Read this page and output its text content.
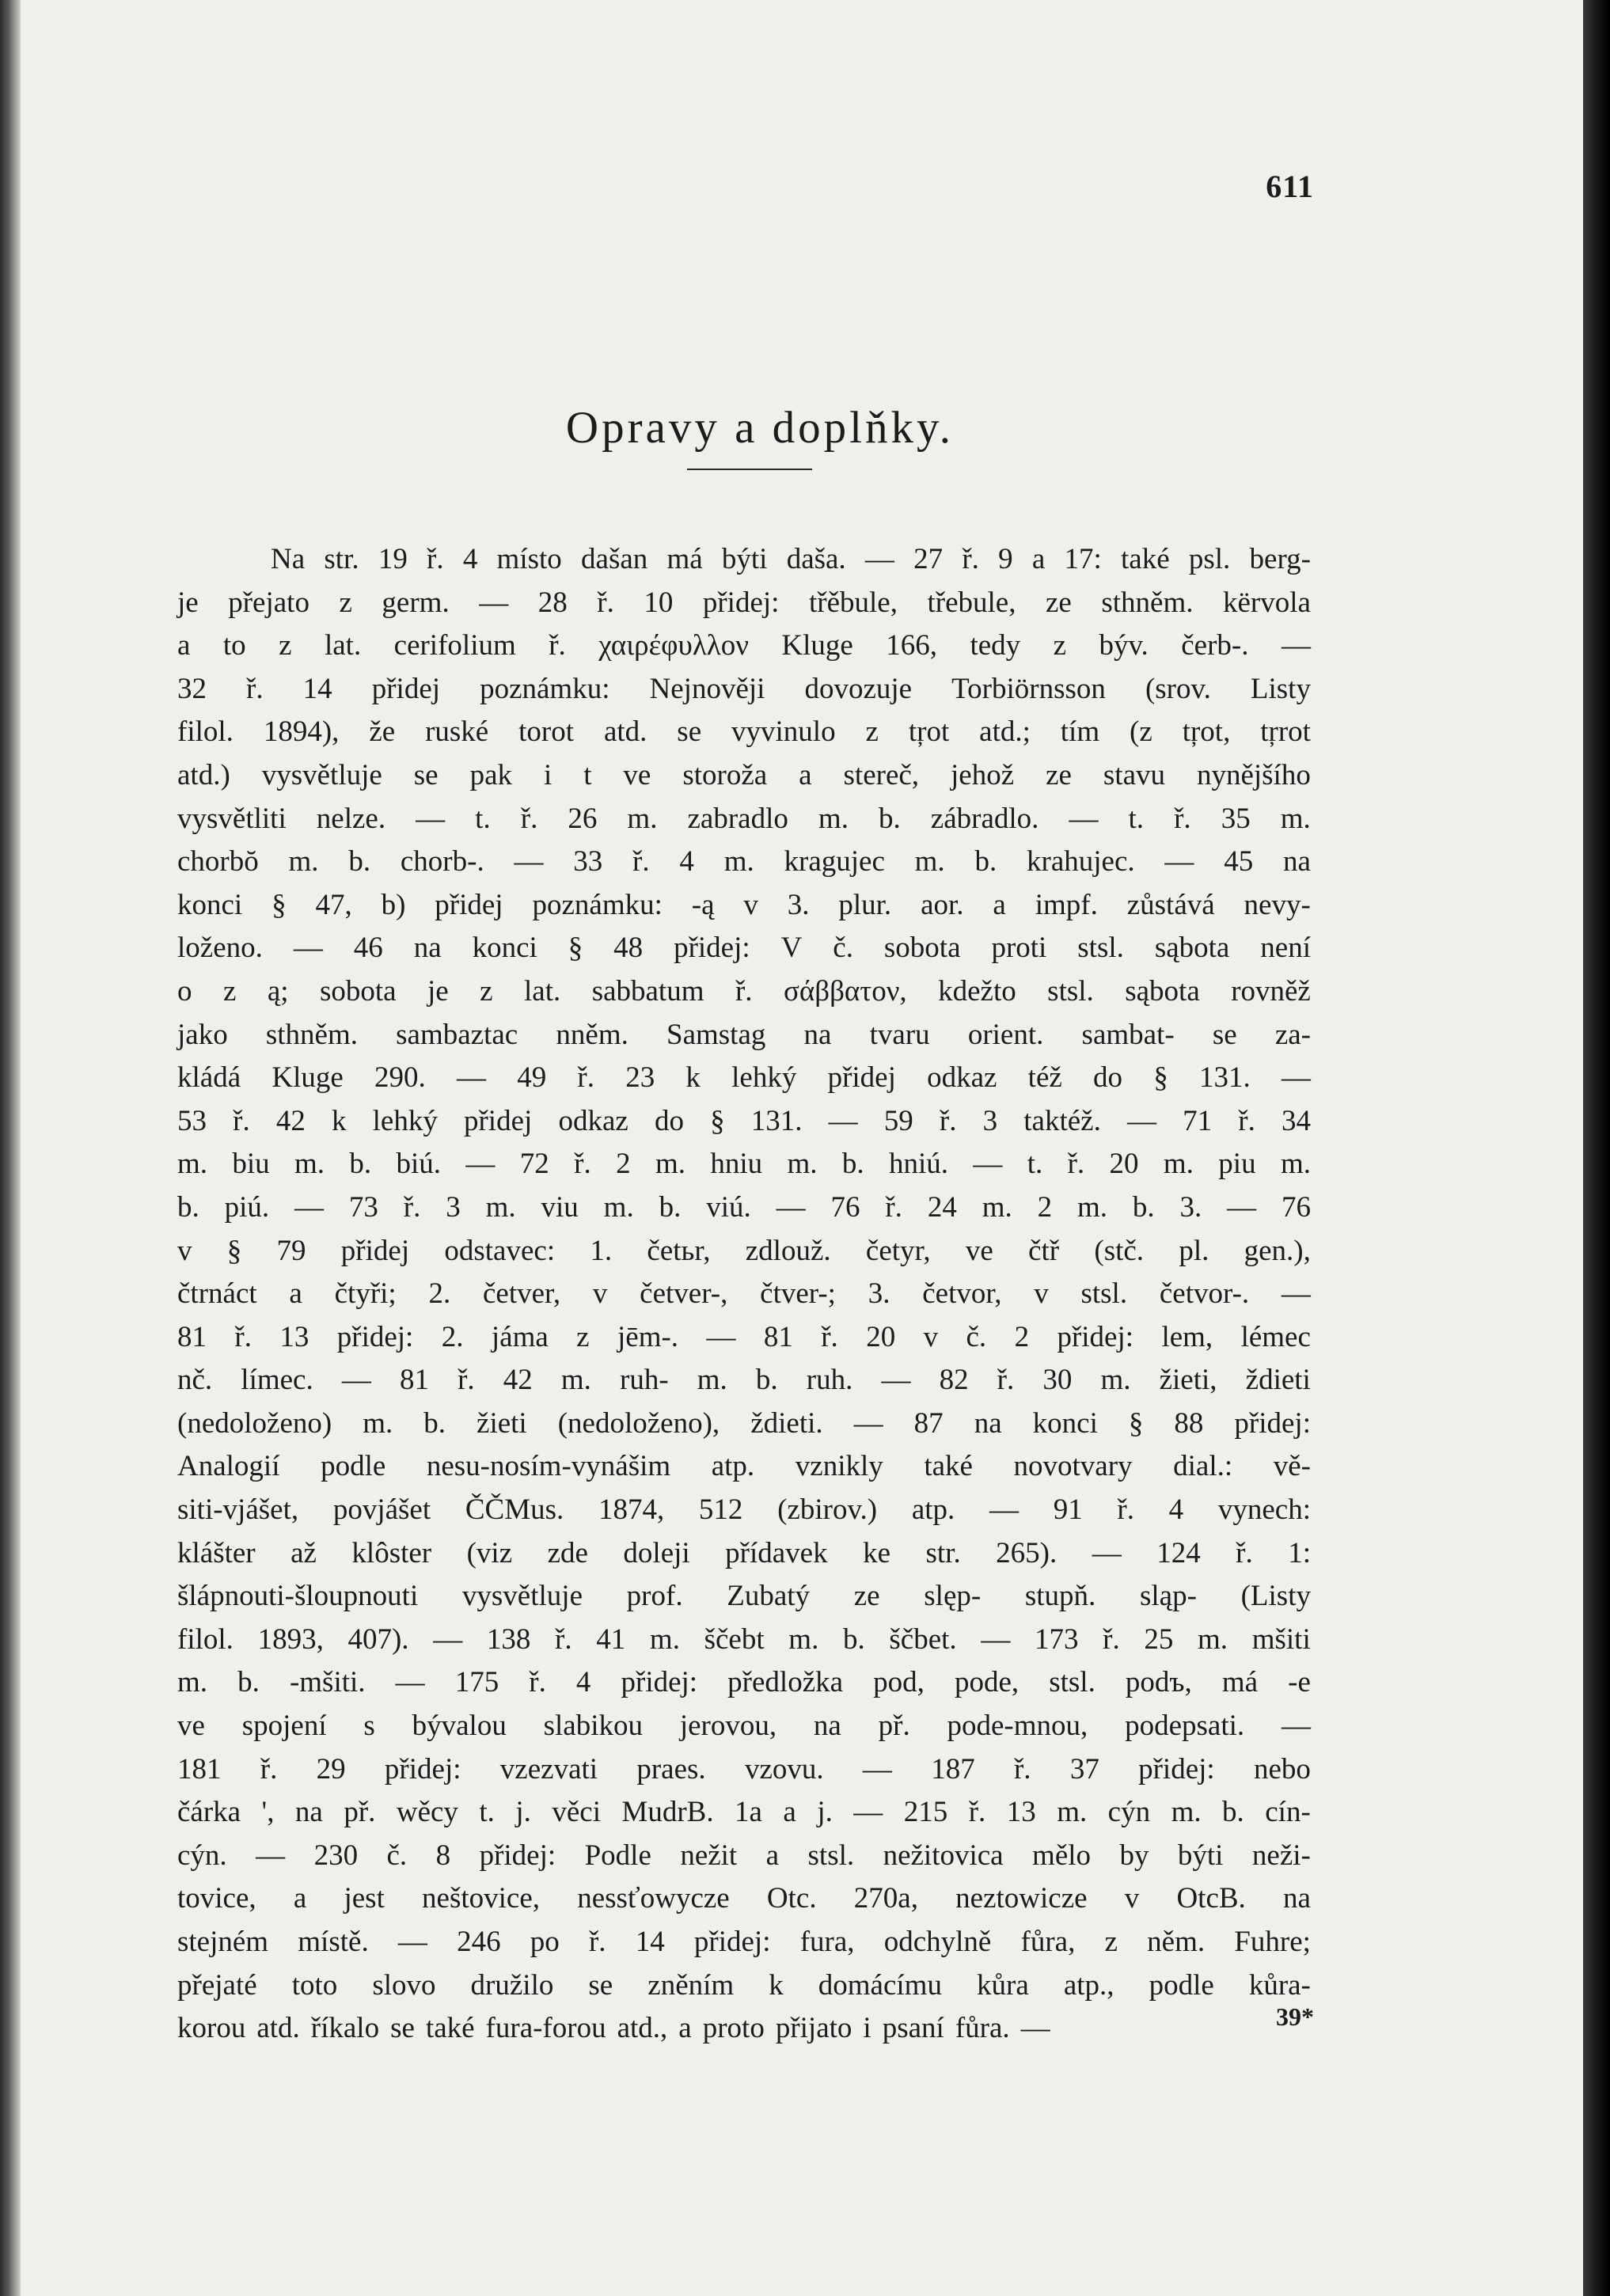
611
Opravy a doplňky.
Na str. 19 ř. 4 místo dašan má býti daša. — 27 ř. 9 a 17: také psl. berg-
je přejato z germ. — 28 ř. 10 přidej: třěbule, třebule, ze sthněm. kërvola
a to z lat. cerifolium ř. χαιρέφυλλον Kluge 166, tedy z býv. čerb-. —
32 ř. 14 přidej poznámku: Nejnověji dovozuje Torbiörnsson (srov. Listy
filol. 1894), že ruské torot atd. se vyvinulo z tŗot atd.; tím (z tŗot, tŗrot
atd.) vysvětluje se pak i t ve storoža a stereč, jehož ze stavu nynějšího
vysvětliti nelze. — t. ř. 26 m. zabradlo m. b. zábradlo. — t. ř. 35 m.
chorbŏ m. b. chorb-. — 33 ř. 4 m. kragujec m. b. krahujec. — 45 na
konci § 47, b) přidej poznámku: -ą v 3. plur. aor. a impf. zůstává nevy-
loženo. — 46 na konci § 48 přidej: V č. sobota proti stsl. sąbota není
o z ą; sobota je z lat. sabbatum ř. σάββατον, kdežto stsl. sąbota rovněž
jako sthněm. sambaztac nněm. Samstag na tvaru orient. sambat- se za-
kládá Kluge 290. — 49 ř. 23 k lehký přidej odkaz též do § 131. —
53 ř. 42 k lehký přidej odkaz do § 131. — 59 ř. 3 taktéž. — 71 ř. 34
m. biu m. b. biú. — 72 ř. 2 m. hniu m. b. hniú. — t. ř. 20 m. piu m.
b. piú. — 73 ř. 3 m. viu m. b. viú. — 76 ř. 24 m. 2 m. b. 3. — 76
v § 79 přidej odstavec: 1. četьr, zdlouž. četyr, ve čtř (stč. pl. gen.),
čtrnáct a čtyři; 2. četver, v četver-, čtver-; 3. četvor, v stsl. četvor-. —
81 ř. 13 přidej: 2. jáma z jēm-. — 81 ř. 20 v č. 2 přidej: lem, lémec
nč. límec. — 81 ř. 42 m. ruh- m. b. ruh. — 82 ř. 30 m. žieti, ždieti
(nedoloženo) m. b. žieti (nedoloženo), ždieti. — 87 na konci § 88 přidej:
Analogií podle nesu-nosím-vynášim atp. vznikly také novotvary dial.: vě-
siti-vjášet, povjášet ČČMus. 1874, 512 (zbirov.) atp. — 91 ř. 4 vynech:
klášter až klôster (viz zde doleji přídavek ke str. 265). — 124 ř. 1:
šlápnouti-šloupnouti vysvětluje prof. Zubatý ze slęp- stupň. sląp- (Listy
filol. 1893, 407). — 138 ř. 41 m. ščebt m. b. ščbet. — 173 ř. 25 m. mšiti
m. b. -mšiti. — 175 ř. 4 přidej: předložka pod, pode, stsl. podъ, má -e
ve spojení s bývalou slabikou jerovou, na př. pode-mnou, podepsati. —
181 ř. 29 přidej: vzezvati praes. vzovu. — 187 ř. 37 přidej: nebo
čárka ', na př. wěcy t. j. věci MudrB. 1a a j. — 215 ř. 13 m. cýn m. b. cín-
cýn. — 230 č. 8 přidej: Podle nežit a stsl. nežitovica mělo by býti neži-
tovice, a jest neštovice, nessťowycze Otc. 270a, neztowicze v OtcB. na
stejném místě. — 246 po ř. 14 přidej: fura, odchylně fůra, z něm. Fuhre;
přejaté toto slovo družilo se zněním k domácímu kůra atp., podle kůra-
korou atd. říkalo se také fura-forou atd., a proto přijato i psaní fůra. —	39*
